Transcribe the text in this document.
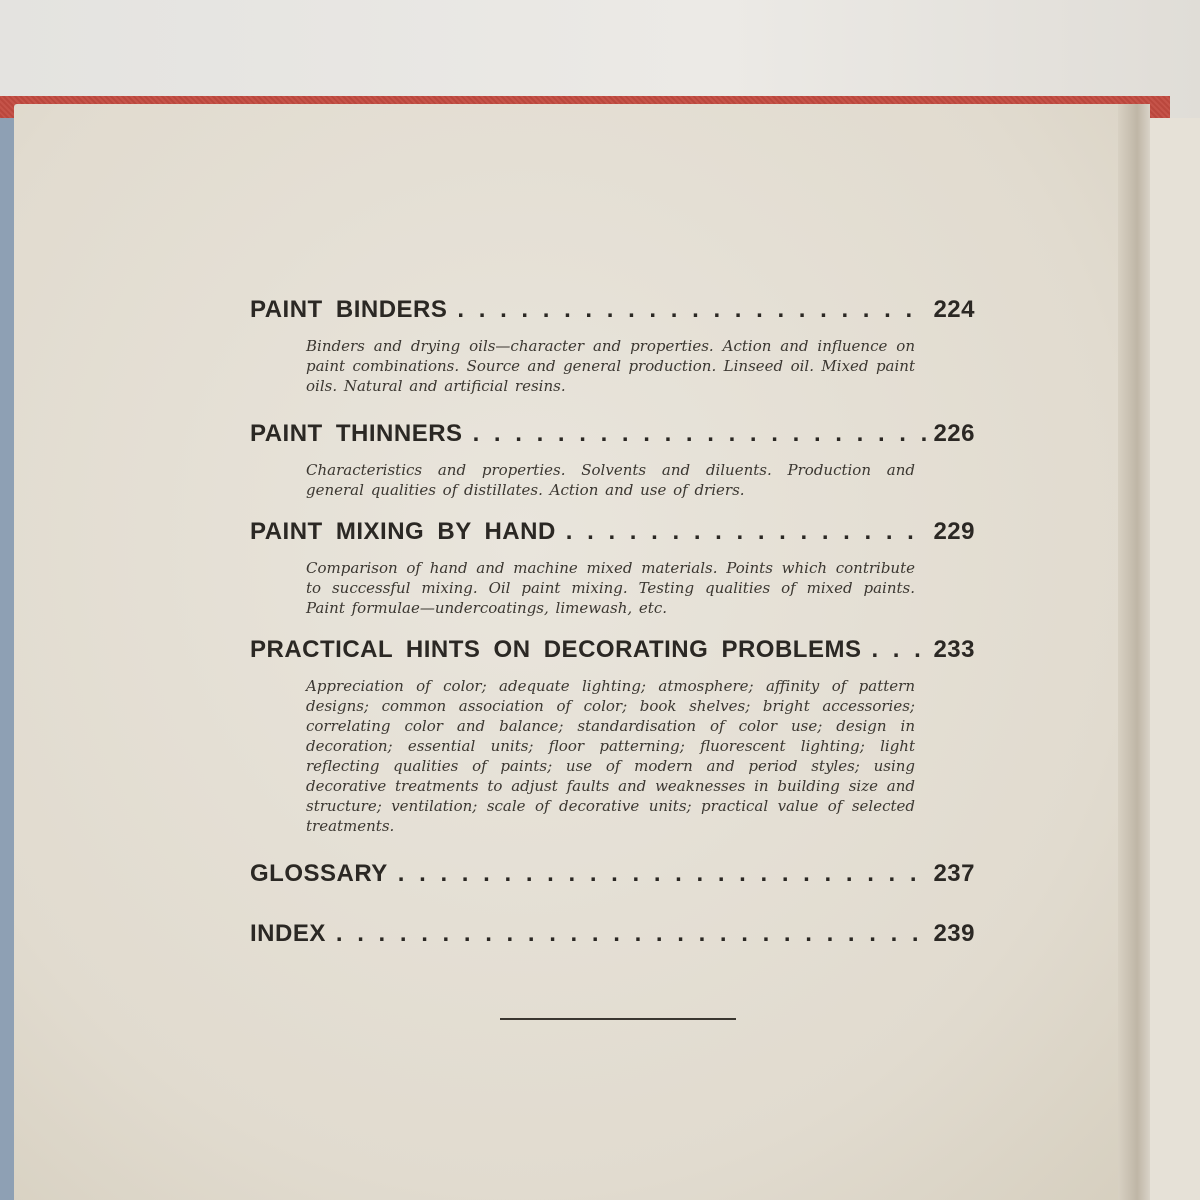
PAINT BINDERS . . .	224
Binders and drying oils—character and properties. Action and influence on paint combinations. Source and general production. Linseed oil. Mixed paint oils. Natural and artificial resins.
PAINT THINNERS . . .	226
Characteristics and properties. Solvents and diluents. Production and general qualities of distillates. Action and use of driers.
PAINT MIXING BY HAND . . .	229
Comparison of hand and machine mixed materials. Points which contribute to successful mixing. Oil paint mixing. Testing qualities of mixed paints. Paint formulae—undercoatings, limewash, etc.
PRACTICAL HINTS ON DECORATING PROBLEMS . . .	233
Appreciation of color; adequate lighting; atmosphere; affinity of pattern designs; common association of color; book shelves; bright accessories; correlating color and balance; standardisation of color use; design in decoration; essential units; floor patterning; fluorescent lighting; light reflecting qualities of paints; use of modern and period styles; using decorative treatments to adjust faults and weaknesses in building size and structure; ventilation; scale of decorative units; practical value of selected treatments.
GLOSSARY . . .	237
INDEX . . .	239
